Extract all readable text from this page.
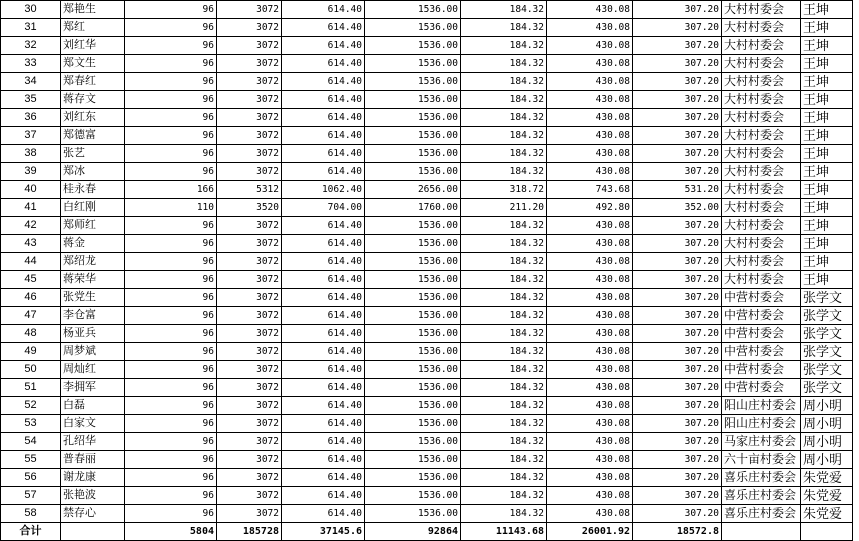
30	郑艳生	96	3072	614.40	1536.00	184.32	430.08	307.20	大村村委会	王坤
31	郑红	96	3072	614.40	1536.00	184.32	430.08	307.20	大村村委会	王坤
32	刘红华	96	3072	614.40	1536.00	184.32	430.08	307.20	大村村委会	王坤
33	郑文生	96	3072	614.40	1536.00	184.32	430.08	307.20	大村村委会	王坤
34	郑春红	96	3072	614.40	1536.00	184.32	430.08	307.20	大村村委会	王坤
35	蒋存文	96	3072	614.40	1536.00	184.32	430.08	307.20	大村村委会	王坤
36	刘红东	96	3072	614.40	1536.00	184.32	430.08	307.20	大村村委会	王坤
37	郑德富	96	3072	614.40	1536.00	184.32	430.08	307.20	大村村委会	王坤
38	张艺	96	3072	614.40	1536.00	184.32	430.08	307.20	大村村委会	王坤
39	郑冰	96	3072	614.40	1536.00	184.32	430.08	307.20	大村村委会	王坤
40	桂永春	166	5312	1062.40	2656.00	318.72	743.68	531.20	大村村委会	王坤
41	白红刚	110	3520	704.00	1760.00	211.20	492.80	352.00	大村村委会	王坤
42	郑师红	96	3072	614.40	1536.00	184.32	430.08	307.20	大村村委会	王坤
43	蒋金	96	3072	614.40	1536.00	184.32	430.08	307.20	大村村委会	王坤
44	郑绍龙	96	3072	614.40	1536.00	184.32	430.08	307.20	大村村委会	王坤
45	蒋荣华	96	3072	614.40	1536.00	184.32	430.08	307.20	大村村委会	王坤
46	张党生	96	3072	614.40	1536.00	184.32	430.08	307.20	中营村委会	张学文
47	李仓富	96	3072	614.40	1536.00	184.32	430.08	307.20	中营村委会	张学文
48	杨亚兵	96	3072	614.40	1536.00	184.32	430.08	307.20	中营村委会	张学文
49	周梦斌	96	3072	614.40	1536.00	184.32	430.08	307.20	中营村委会	张学文
50	周灿红	96	3072	614.40	1536.00	184.32	430.08	307.20	中营村委会	张学文
51	李拥军	96	3072	614.40	1536.00	184.32	430.08	307.20	中营村委会	张学文
52	白磊	96	3072	614.40	1536.00	184.32	430.08	307.20	阳山庄村委会	周小明
53	白家文	96	3072	614.40	1536.00	184.32	430.08	307.20	阳山庄村委会	周小明
54	孔绍华	96	3072	614.40	1536.00	184.32	430.08	307.20	马家庄村委会	周小明
55	普春丽	96	3072	614.40	1536.00	184.32	430.08	307.20	六十亩村委会	周小明
56	谢龙康	96	3072	614.40	1536.00	184.32	430.08	307.20	喜乐庄村委会	朱党爱
57	张艳波	96	3072	614.40	1536.00	184.32	430.08	307.20	喜乐庄村委会	朱党爱
58	禁存心	96	3072	614.40	1536.00	184.32	430.08	307.20	喜乐庄村委会	朱党爱
合计		5804	185728	37145.6	92864	11143.68	26001.92	18572.8		
